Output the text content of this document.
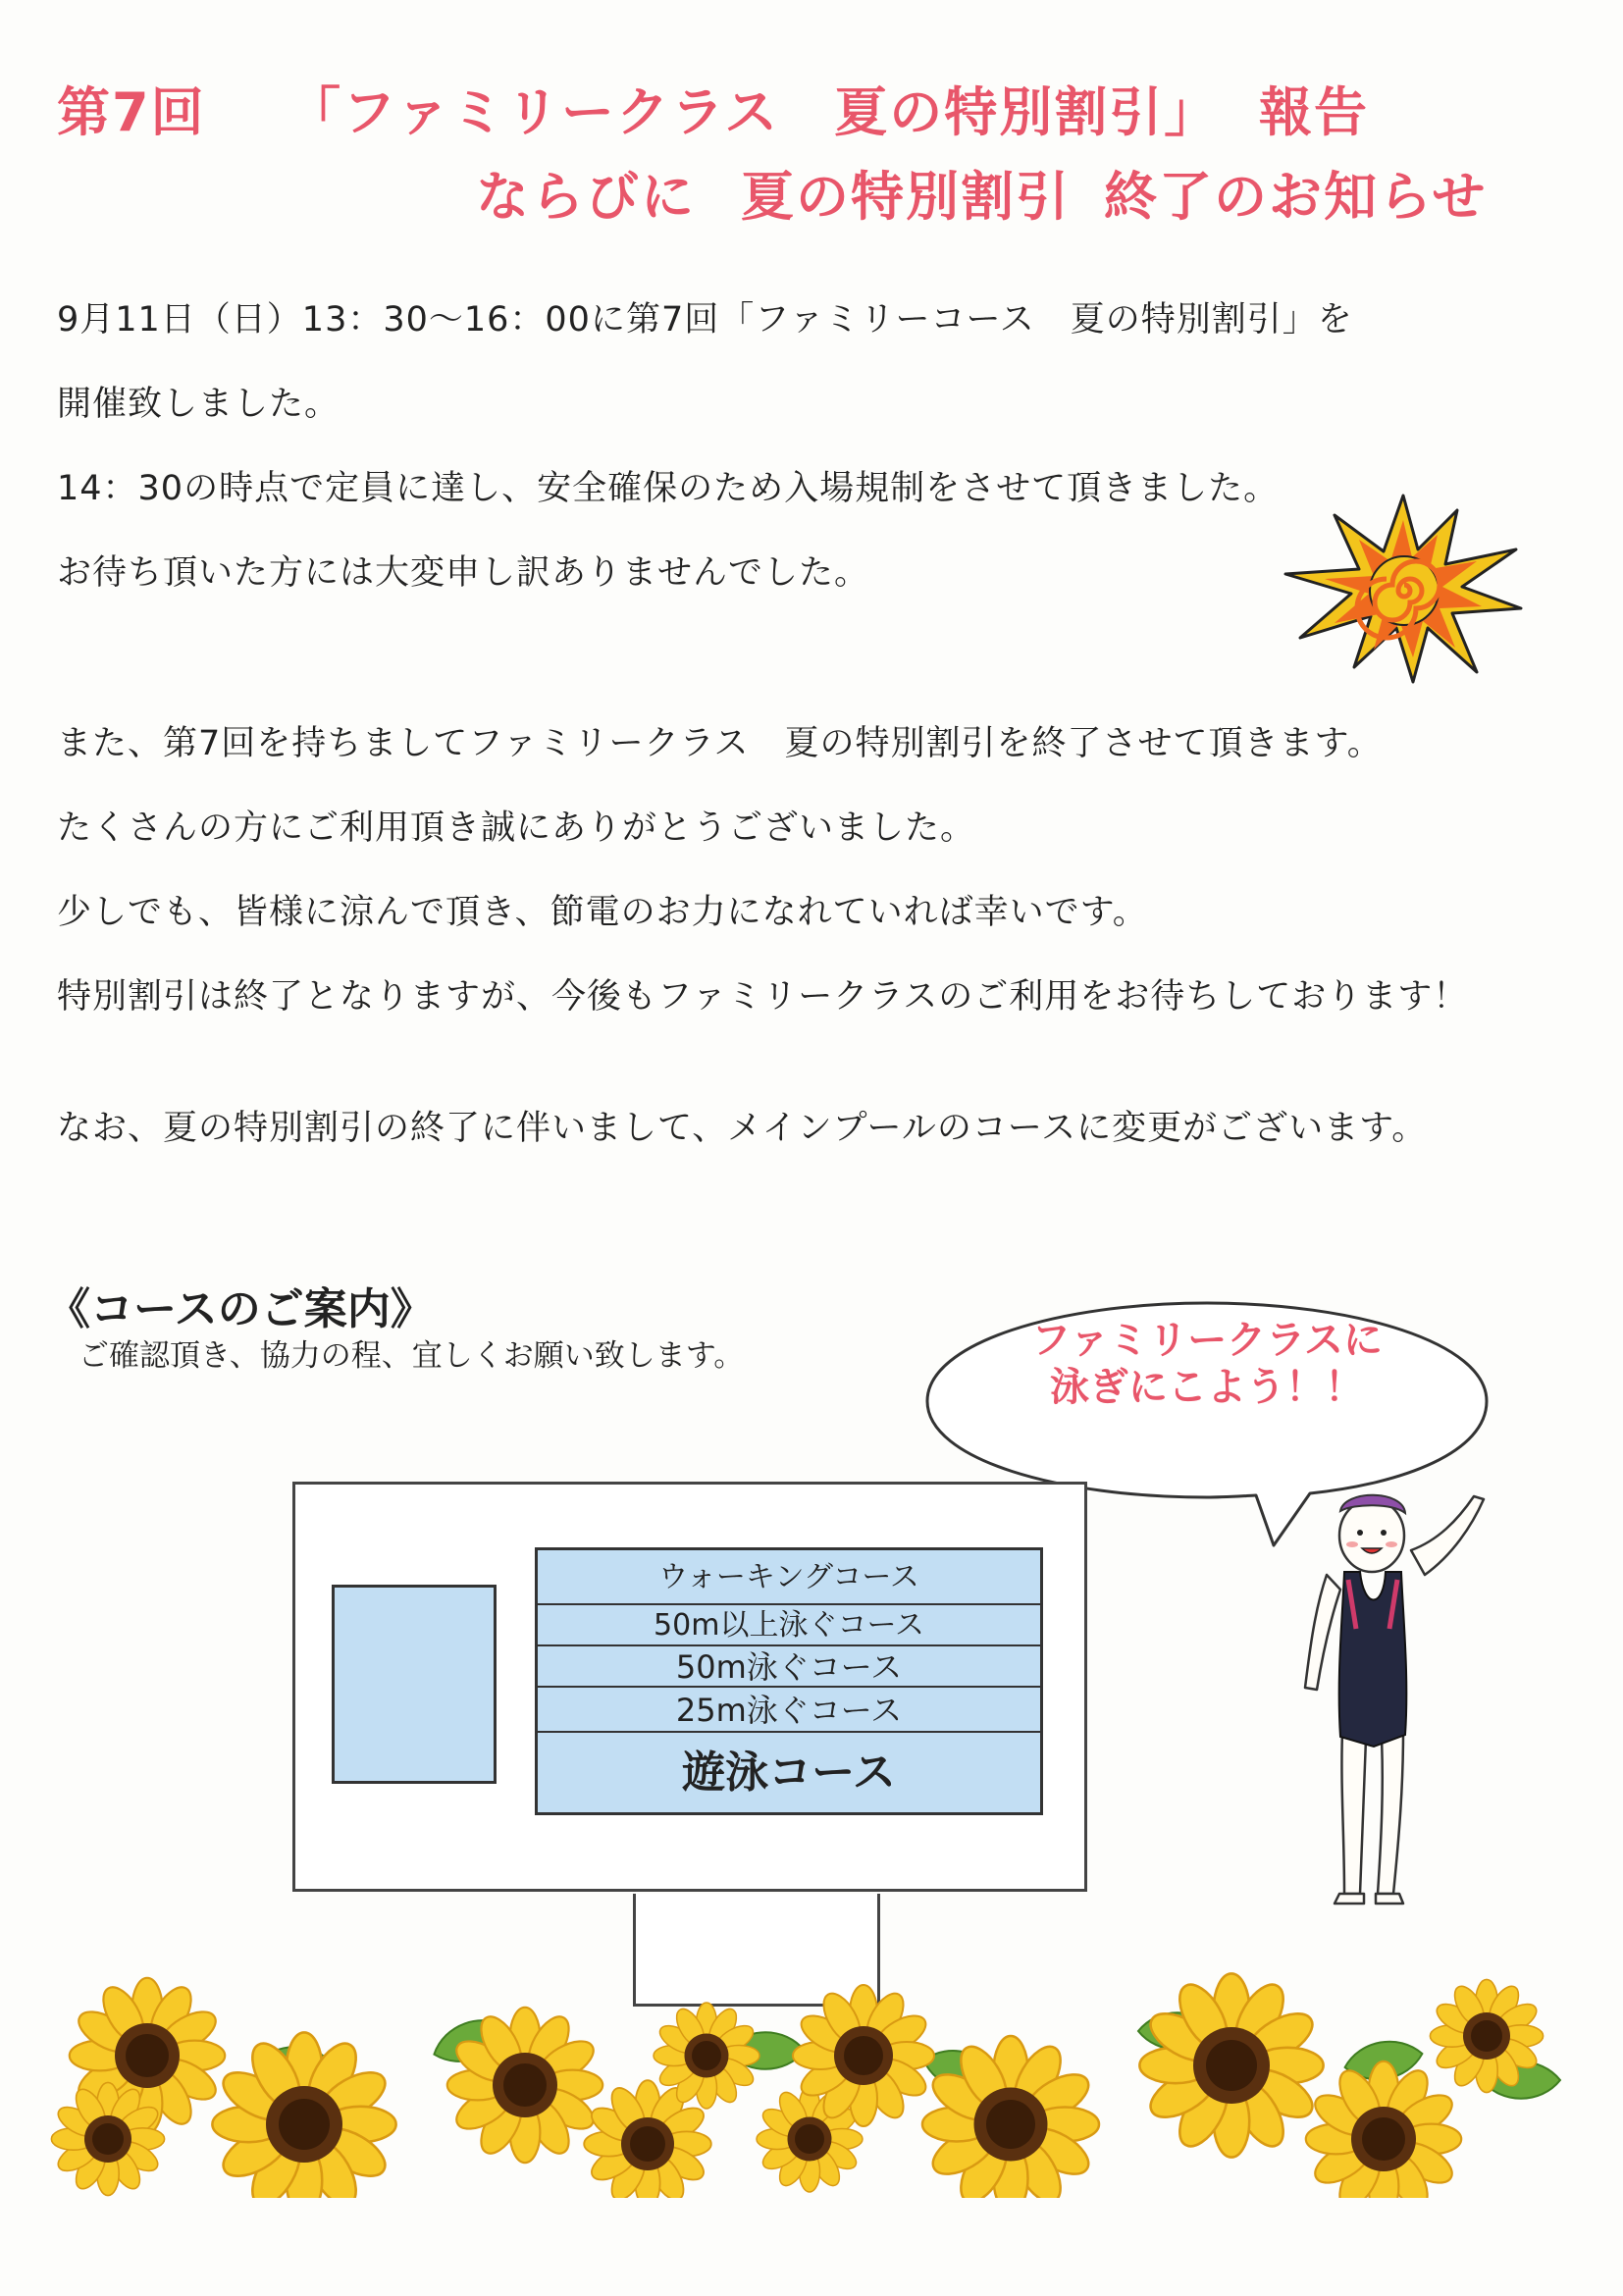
第7回 「ファミリークラス　夏の特別割引」 報告
ならびに 夏の特別割引 終了のお知らせ
9月11日（日）13：30～16：00に第7回「ファミリーコース　夏の特別割引」を
開催致しました。
14：30の時点で定員に達し、安全確保のため入場規制をさせて頂きました。
お待ち頂いた方には大変申し訳ありませんでした。
また、第7回を持ちましてファミリークラス　夏の特別割引を終了させて頂きます。
たくさんの方にご利用頂き誠にありがとうございました。
少しでも、皆様に涼んで頂き、節電のお力になれていれば幸いです。
特別割引は終了となりますが、今後もファミリークラスのご利用をお待ちしております！
なお、夏の特別割引の終了に伴いまして、メインプールのコースに変更がございます。
《コースのご案内》
ご確認頂き、協力の程、宜しくお願い致します。	ファミリークラスに
泳ぎにこよう！！
ウォーキングコース
50m以上泳ぐコース
50m泳ぐコース
25m泳ぐコース
遊泳コース
